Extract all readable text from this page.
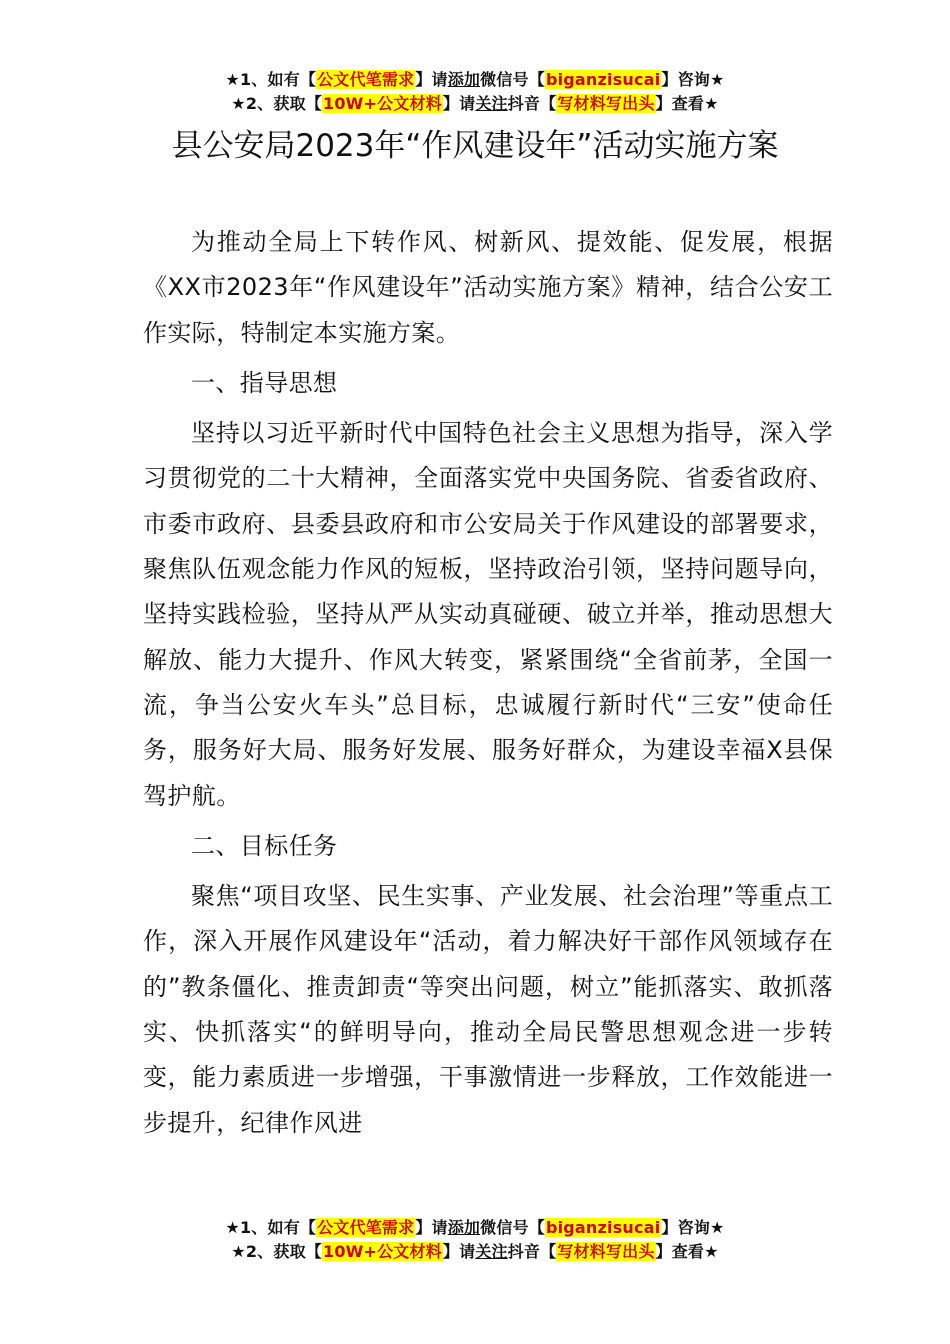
★1、如有【公文代笔需求】请添加微信号【biganzisucai】咨询★
★2、获取【10W+公文材料】请关注抖音【写材料写出头】查看★
县公安局2023年“作风建设年”活动实施方案

为推动全局上下转作风、树新风、提效能、促发展，根据《XX市2023年“作风建设年”活动实施方案》精神，结合公安工作实际，特制定本实施方案。

一、指导思想

坚持以习近平新时代中国特色社会主义思想为指导，深入学习贯彻党的二十大精神，全面落实党中央国务院、省委省政府、市委市政府、县委县政府和市公安局关于作风建设的部署要求，聚焦队伍观念能力作风的短板，坚持政治引领，坚持问题导向，坚持实践检验，坚持从严从实动真碰硬、破立并举，推动思想大解放、能力大提升、作风大转变，紧紧围绕“全省前茅，全国一流，争当公安火车头”总目标，忠诚履行新时代“三安”使命任务，服务好大局、服务好发展、服务好群众，为建设幸福X县保驾护航。

二、目标任务

聚焦“项目攻坚、民生实事、产业发展、社会治理”等重点工作，深入开展作风建设年“活动，着力解决好干部作风领域存在的”教条僵化、推责卸责“等突出问题，树立”能抓落实、敢抓落实、快抓落实“的鲜明导向，推动全局民警思想观念进一步转变，能力素质进一步增强，干事激情进一步释放，工作效能进一步提升，纪律作风进

★1、如有【公文代笔需求】请添加微信号【biganzisucai】咨询★
★2、获取【10W+公文材料】请关注抖音【写材料写出头】查看★
